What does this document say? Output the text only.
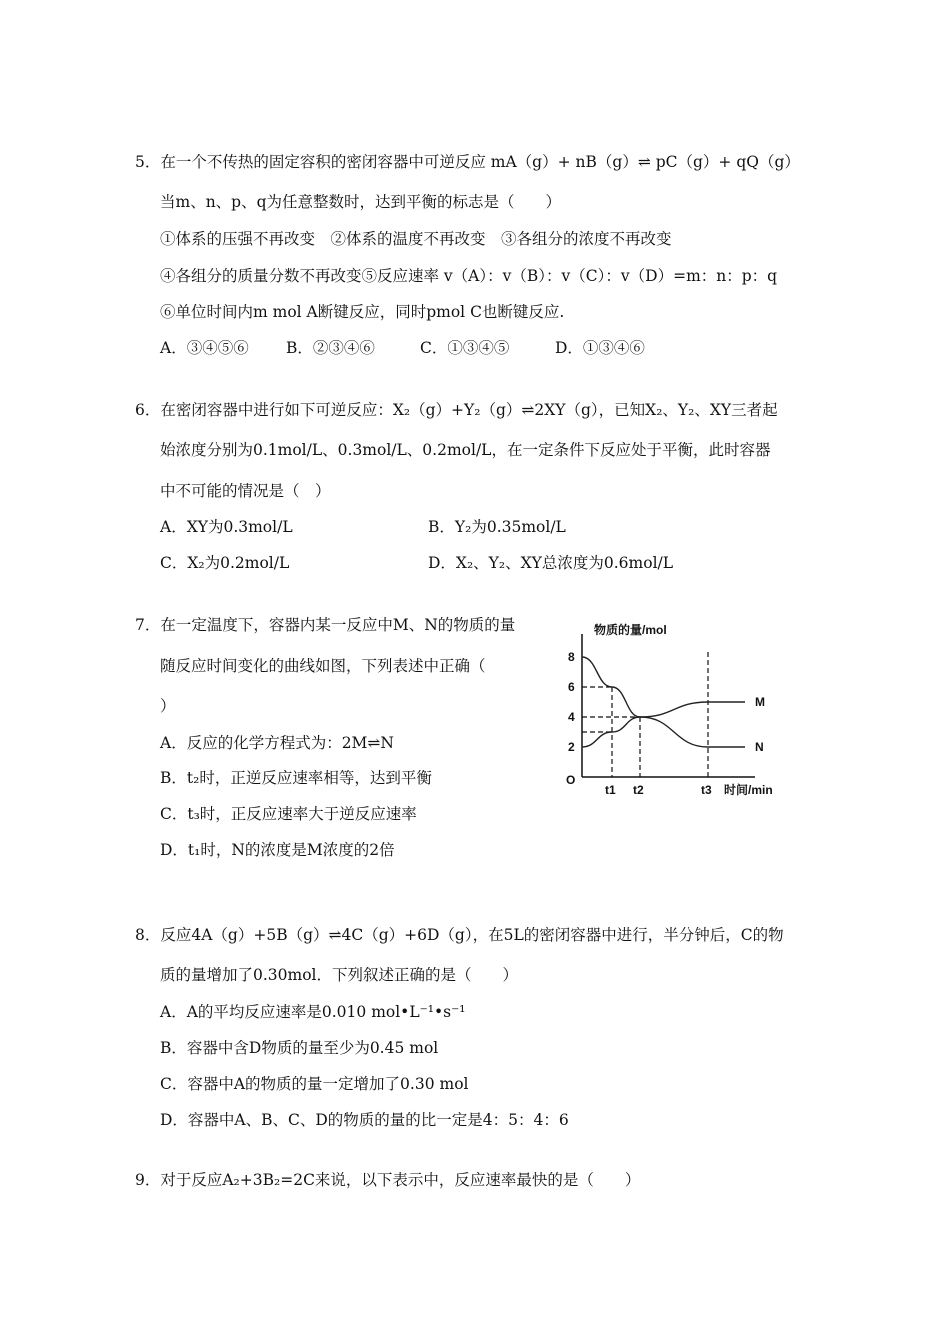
5．在一个不传热的固定容积的密闭容器中可逆反应 mA（g）+ nB（g）⇌ pC（g）+ qQ（g）
当m、n、p、q为任意整数时，达到平衡的标志是（　　）
①体系的压强不再改变　②体系的温度不再改变　③各组分的浓度不再改变
④各组分的质量分数不再改变⑤反应速率 v（A）：v（B）：v（C）：v（D）=m：n：p：q
⑥单位时间内m mol A断键反应，同时pmol C也断键反应.
A．③④⑤⑥ B．②③④⑥	C．①③④⑤	D．①③④⑥
6．在密闭容器中进行如下可逆反应：X₂（g）+Y₂（g）⇌2XY（g），已知X₂、Y₂、XY三者起
始浓度分别为0.1mol/L、0.3mol/L、0.2mol/L，在一定条件下反应处于平衡，此时容器
中不可能的情况是（　）
A．XY为0.3mol/L	B．Y₂为0.35mol/L
C．X₂为0.2mol/L	D．X₂、Y₂、XY总浓度为0.6mol/L
7．在一定温度下，容器内某一反应中M、N的物质的量
随反应时间变化的曲线如图，下列表述中正确（
）
A．反应的化学方程式为：2M⇌N
B．t₂时，正逆反应速率相等，达到平衡
C．t₃时，正反应速率大于逆反应速率
D．t₁时，N的浓度是M浓度的2倍
物质的量/mol
时间/min
O
2
4
6
8
t1 t2	t3
N
M
8．反应4A（g）+5B（g）⇌4C（g）+6D（g），在5L的密闭容器中进行，半分钟后，C的物
质的量增加了0.30mol．下列叙述正确的是（　　）
A．A的平均反应速率是0.010 mol•L⁻¹•s⁻¹
B．容器中含D物质的量至少为0.45 mol
C．容器中A的物质的量一定增加了0.30 mol
D．容器中A、B、C、D的物质的量的比一定是4：5：4：6
9．对于反应A₂+3B₂=2C来说，以下表示中，反应速率最快的是（　　）
